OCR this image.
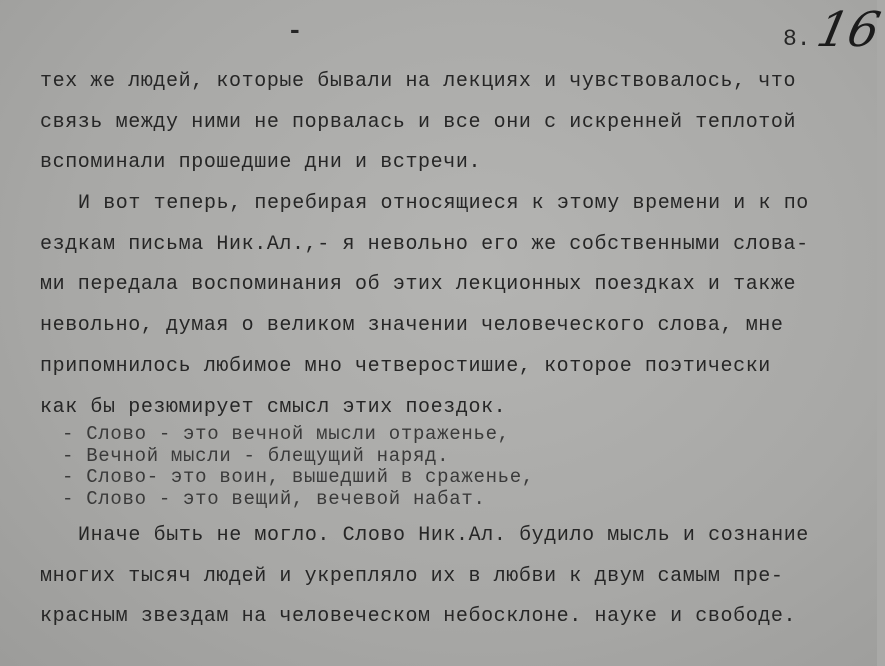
-	8. 16
тех же людей, которые бывали на лекциях и чувствовалось, что
связь между ними не порвалась и все они с искренней теплотой
вспоминали прошедшие дни и встречи.
И вот теперь, перебирая относящиеся к этому времени и к по
ездкам письма Ник.Ал.,- я невольно его же собственными слова-
ми передала воспоминания об этих лекционных поездках и также
невольно, думая о великом значении человеческого слова, мне
припомнилось любимое мно четверостишие, которое поэтически
как бы резюмирует смысл этих поездок.
- Слово - это вечной мысли отраженье,
- Вечной мысли - блещущий наряд.
- Слово- это воин, вышедший в сраженье,
- Слово - это вещий, вечевой набат.
Иначе быть не могло. Слово Ник.Ал. будило мысль и сознание
многих тысяч людей и укрепляло их в любви к двум самым пре-
красным звездам на человеческом небосклоне. науке и свободе.
